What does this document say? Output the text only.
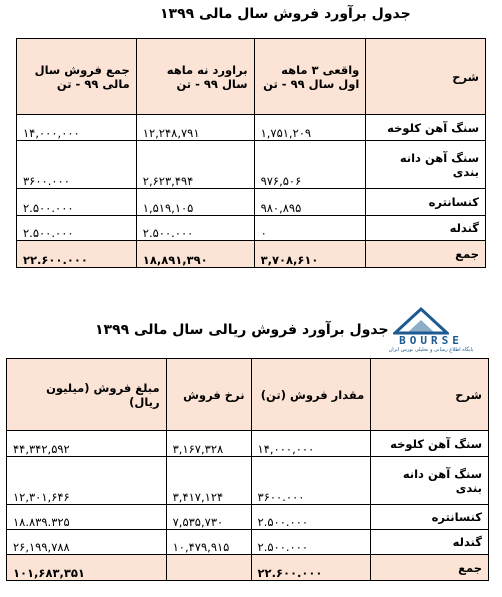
جدول برآورد فروش سال مالی ۱۳۹۹
شرح	واقعی ۳ ماهه اول سال ۹۹ - تن	براورد نه ماهه سال ۹۹ - تن	جمع فروش سال مالی ۹۹ - تن
سنگ آهن کلوخه	۱,۷۵۱,۲۰۹	۱۲,۲۴۸,۷۹۱	۱۴,۰۰۰,۰۰۰
سنگ آهن دانه بندی	۹۷۶,۵۰۶	۲,۶۲۳,۴۹۴	۳۶۰۰.۰۰۰
کنسانتره	۹۸۰,۸۹۵	۱,۵۱۹,۱۰۵	۲.۵۰۰.۰۰۰
گندله	۰	۲.۵۰۰.۰۰۰	۲.۵۰۰.۰۰۰
جمع	۳,۷۰۸,۶۱۰	۱۸,۸۹۱,۳۹۰	۲۲.۶۰۰.۰۰۰
BOURSE
پایگاه اطلاع رسانی و تحلیلی بورس ایران
جدول برآورد فروش ریالی سال مالی ۱۳۹۹
شرح	مقدار فروش (تن)	نرخ فروش	مبلغ فروش (میلیون ریال)
سنگ آهن کلوخه	۱۴,۰۰۰,۰۰۰	۳,۱۶۷,۳۲۸	۴۴,۳۴۲,۵۹۲
سنگ آهن دانه بندی	۳۶۰۰.۰۰۰	۳,۴۱۷,۱۲۴	۱۲,۳۰۱,۶۴۶
کنسانتره	۲.۵۰۰.۰۰۰	۷,۵۳۵,۷۳۰	۱۸.۸۳۹.۳۲۵
گندله	۲.۵۰۰.۰۰۰	۱۰,۴۷۹,۹۱۵	۲۶,۱۹۹,۷۸۸
جمع	۲۲.۶۰۰.۰۰۰		۱۰۱,۶۸۳,۳۵۱
